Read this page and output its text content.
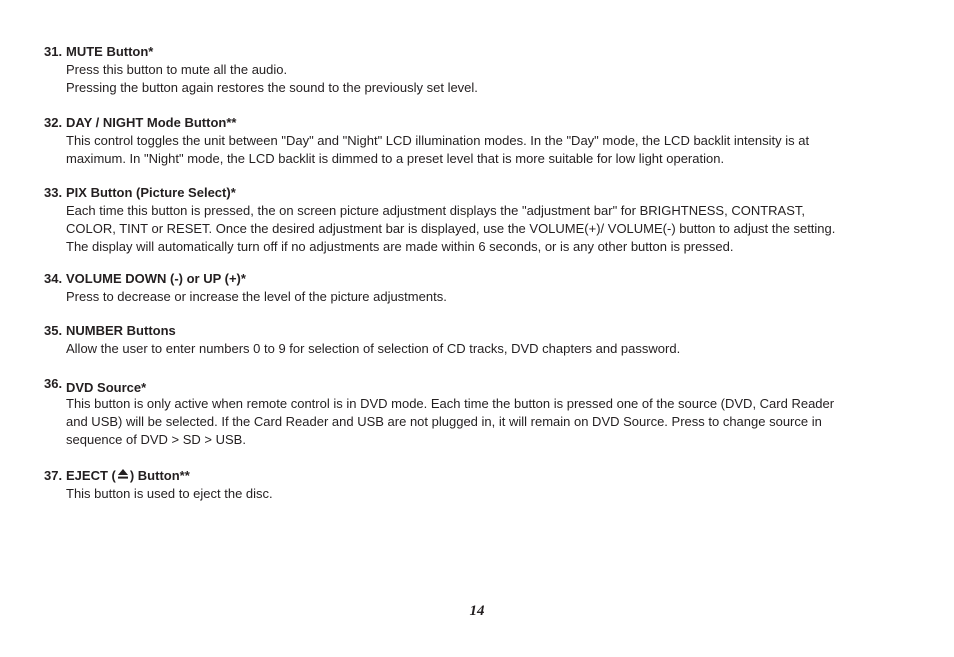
31. MUTE Button*

Press this button to mute all the audio.

Pressing the button again restores the sound to the previously set level.

32. DAY / NIGHT Mode Button**

This control toggles the unit between "Day" and "Night" LCD illumination modes. In the "Day" mode, the LCD backlit intensity is at

maximum. In "Night" mode, the LCD backlit is dimmed to a preset level that is more suitable for low light operation.

33. PIX Button (Picture Select)*

Each time this button is pressed, the on screen picture adjustment displays the "adjustment bar" for BRIGHTNESS, CONTRAST,

COLOR, TINT or RESET. Once the desired adjustment bar is displayed, use the VOLUME(+)/ VOLUME(-) button to adjust the setting.

The display will automatically turn off if no adjustments are made within 6 seconds, or is any other button is pressed.

34. VOLUME DOWN (-) or UP (+)*

Press to decrease or increase the level of the picture adjustments.

35. NUMBER Buttons

Allow the user to enter numbers 0 to 9 for selection of selection of CD tracks, DVD chapters and password.

36. DVD Source*

This button is only active when remote control is in DVD mode. Each time the button is pressed one of the source (DVD, Card Reader

and USB) will be selected. If the Card Reader and USB are not plugged in, it will remain on DVD Source. Press to change source in

sequence of DVD > SD > USB.

37. EJECT ( ) Button**

This button is used to eject the disc.

14
